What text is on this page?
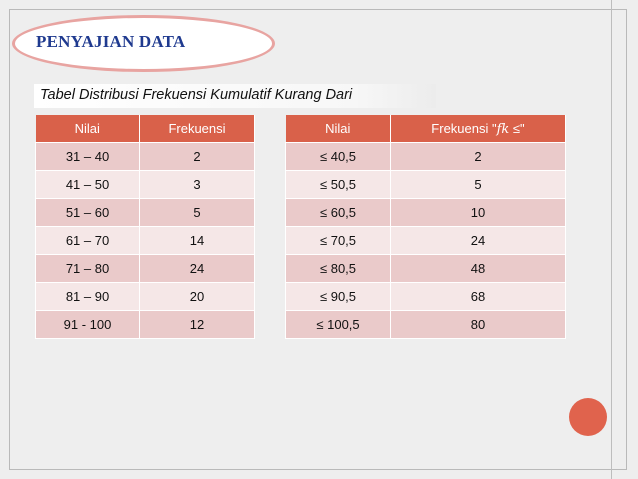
PENYAJIAN DATA
Tabel Distribusi Frekuensi Kumulatif Kurang Dari
Nilai	Frekuensi
31 – 40	2
41 – 50	3
51 – 60	5
61 – 70	14
71 – 80	24
81 – 90	20
91 - 100	12
Nilai	Frekuensi "𝑓𝑘 ≤"
≤ 40,5	2
≤ 50,5	5
≤ 60,5	10
≤ 70,5	24
≤ 80,5	48
≤ 90,5	68
≤ 100,5	80
